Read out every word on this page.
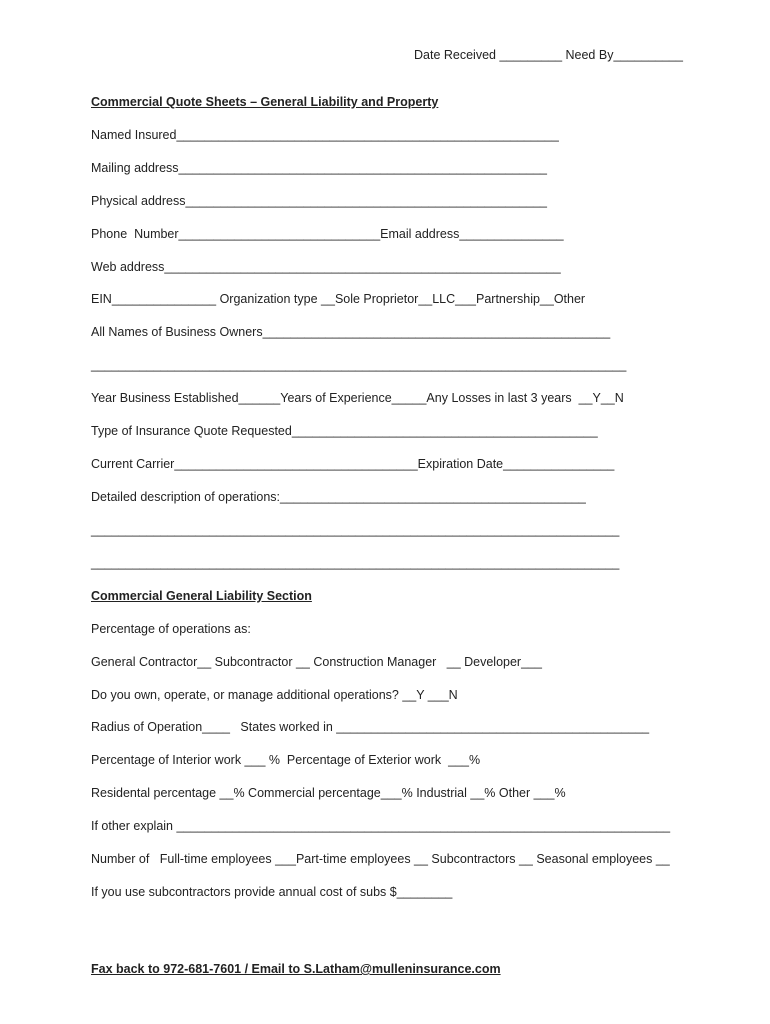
Date Received _________ Need By__________
Commercial Quote Sheets – General Liability and Property
Named Insured_______________________________________________________
Mailing address_____________________________________________________
Physical address____________________________________________________
Phone  Number_____________________________Email address_______________
Web address_________________________________________________________
EIN_______________ Organization type __Sole Proprietor__LLC___Partnership__Other
All Names of Business Owners__________________________________________________
_____________________________________________________________________________
Year Business Established______Years of Experience_____Any Losses in last 3 years  __Y__N
Type of Insurance Quote Requested____________________________________________
Current Carrier___________________________________Expiration Date________________
Detailed description of operations:____________________________________________
____________________________________________________________________________
____________________________________________________________________________
Commercial General Liability Section
Percentage of operations as:
General Contractor__ Subcontractor __ Construction Manager   __ Developer___
Do you own, operate, or manage additional operations? __Y ___N
Radius of Operation____   States worked in _____________________________________________
Percentage of Interior work ___ %  Percentage of Exterior work  ___%
Residental percentage __% Commercial percentage___% Industrial __% Other ___%
If other explain _______________________________________________________________________
Number of   Full-time employees ___Part-time employees __ Subcontractors __ Seasonal employees __
If you use subcontractors provide annual cost of subs $________
Fax back to 972-681-7601 / Email to S.Latham@mulleninsurance.com
